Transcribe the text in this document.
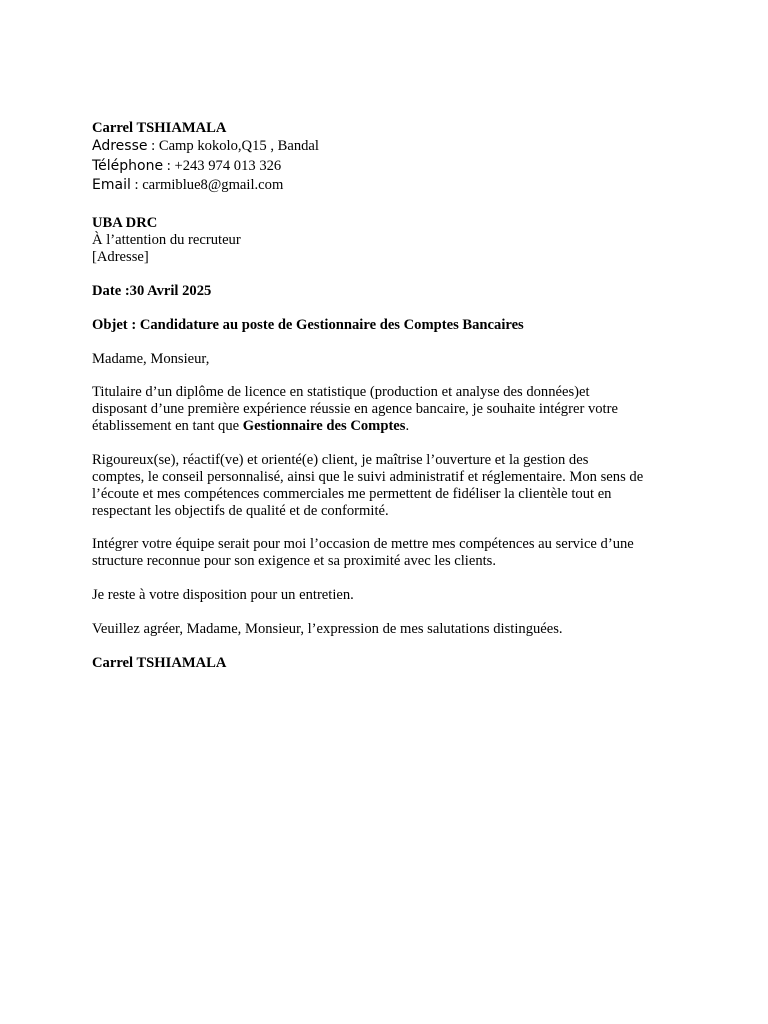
Carrel TSHIAMALA
Adresse : Camp kokolo,Q15 , Bandal
Téléphone : +243 974 013 326
Email : carmiblue8@gmail.com
UBA DRC
À l’attention du recruteur
[Adresse]
Date :30 Avril 2025
Objet : Candidature au poste de Gestionnaire des Comptes Bancaires
Madame, Monsieur,
Titulaire d’un diplôme de licence en statistique (production et analyse des données)et
disposant d’une première expérience réussie en agence bancaire, je souhaite intégrer votre
établissement en tant que Gestionnaire des Comptes.
Rigoureux(se), réactif(ve) et orienté(e) client, je maîtrise l’ouverture et la gestion des
comptes, le conseil personnalisé, ainsi que le suivi administratif et réglementaire. Mon sens de
l’écoute et mes compétences commerciales me permettent de fidéliser la clientèle tout en
respectant les objectifs de qualité et de conformité.
Intégrer votre équipe serait pour moi l’occasion de mettre mes compétences au service d’une
structure reconnue pour son exigence et sa proximité avec les clients.
Je reste à votre disposition pour un entretien.
Veuillez agréer, Madame, Monsieur, l’expression de mes salutations distinguées.
Carrel TSHIAMALA
